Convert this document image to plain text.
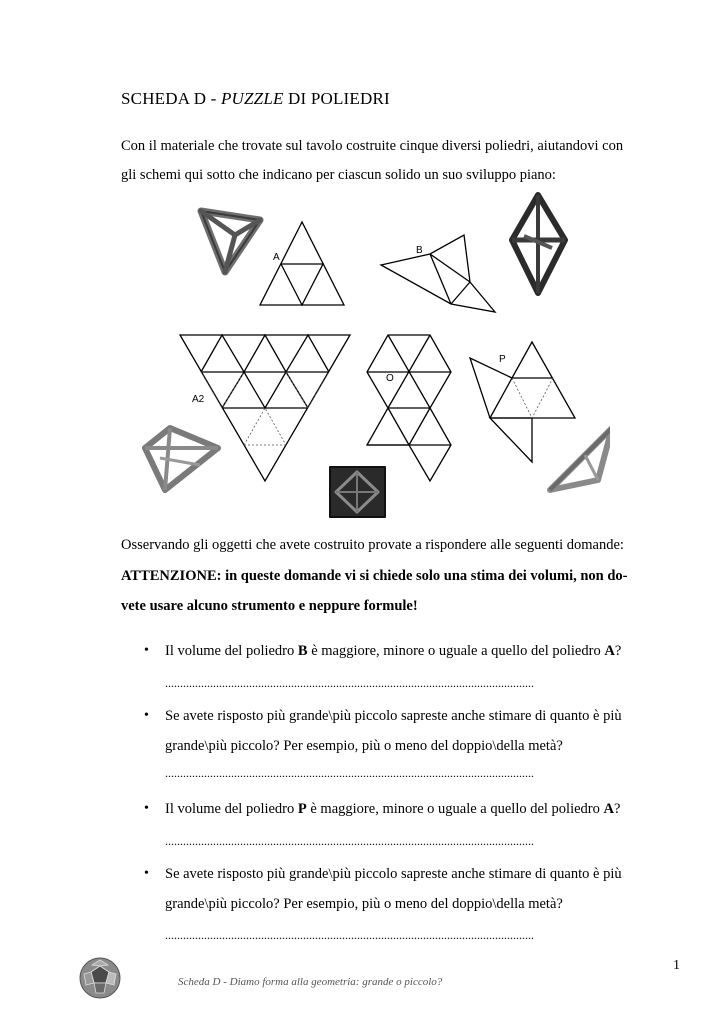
SCHEDA D - PUZZLE DI POLIEDRI
Con il materiale che trovate sul tavolo costruite cinque diversi poliedri, aiutandovi con
gli schemi qui sotto che indicano per ciascun solido un suo sviluppo piano:
A
B
A2
O
P
Osservando gli oggetti che avete costruito provate a rispondere alle seguenti domande:
ATTENZIONE: in queste domande vi si chiede solo una stima dei volumi, non do-
vete usare alcuno strumento e neppure formule!
• Il volume del poliedro B è maggiore, minore o uguale a quello del poliedro A?
...........................................................................................................................
• Se avete risposto più grande\più piccolo sapreste anche stimare di quanto è più
grande\più piccolo? Per esempio, più o meno del doppio\della metà?
...........................................................................................................................
• Il volume del poliedro P è maggiore, minore o uguale a quello del poliedro A?
...........................................................................................................................
• Se avete risposto più grande\più piccolo sapreste anche stimare di quanto è più
grande\più piccolo? Per esempio, più o meno del doppio\della metà?
...........................................................................................................................
Scheda D - Diamo forma alla geometria: grande o piccolo?
1
